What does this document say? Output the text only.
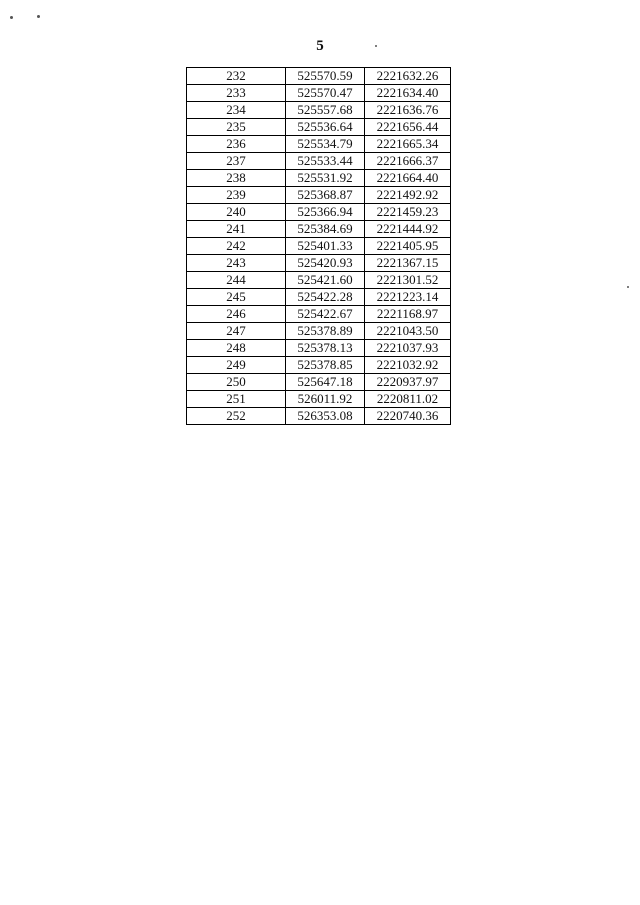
5
232	525570.59	2221632.26
233	525570.47	2221634.40
234	525557.68	2221636.76
235	525536.64	2221656.44
236	525534.79	2221665.34
237	525533.44	2221666.37
238	525531.92	2221664.40
239	525368.87	2221492.92
240	525366.94	2221459.23
241	525384.69	2221444.92
242	525401.33	2221405.95
243	525420.93	2221367.15
244	525421.60	2221301.52
245	525422.28	2221223.14
246	525422.67	2221168.97
247	525378.89	2221043.50
248	525378.13	2221037.93
249	525378.85	2221032.92
250	525647.18	2220937.97
251	526011.92	2220811.02
252	526353.08	2220740.36
